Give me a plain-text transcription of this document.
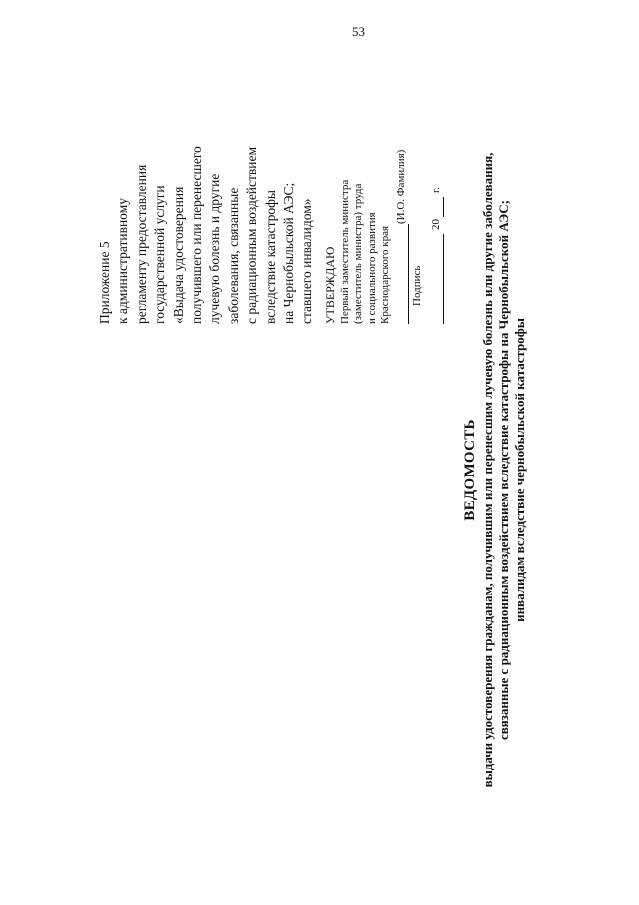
53
Приложение 5 к административному регламенту предоставления государственной услуги «Выдача удостоверения получившего или перенесшего лучевую болезнь и другие заболевания, связанные с радиационным воздействием вследствие катастрофы на Чернобыльской АЭС; ставшего инвалидом» УТВЕРЖДАЮ Первый заместитель министра (заместитель министра) труда и социального развития Краснодарского края
(И.О. Фамилия)
Подпись
20
г.
ВЕДОМОСТЬ выдачи удостоверения гражданам, получившим или перенесшим лучевую болезнь или другие заболевания, связанные с радиационным воздействием вследствие катастрофы на Чернобыльской АЭС; инвалидам вследствие чернобыльской катастрофы
